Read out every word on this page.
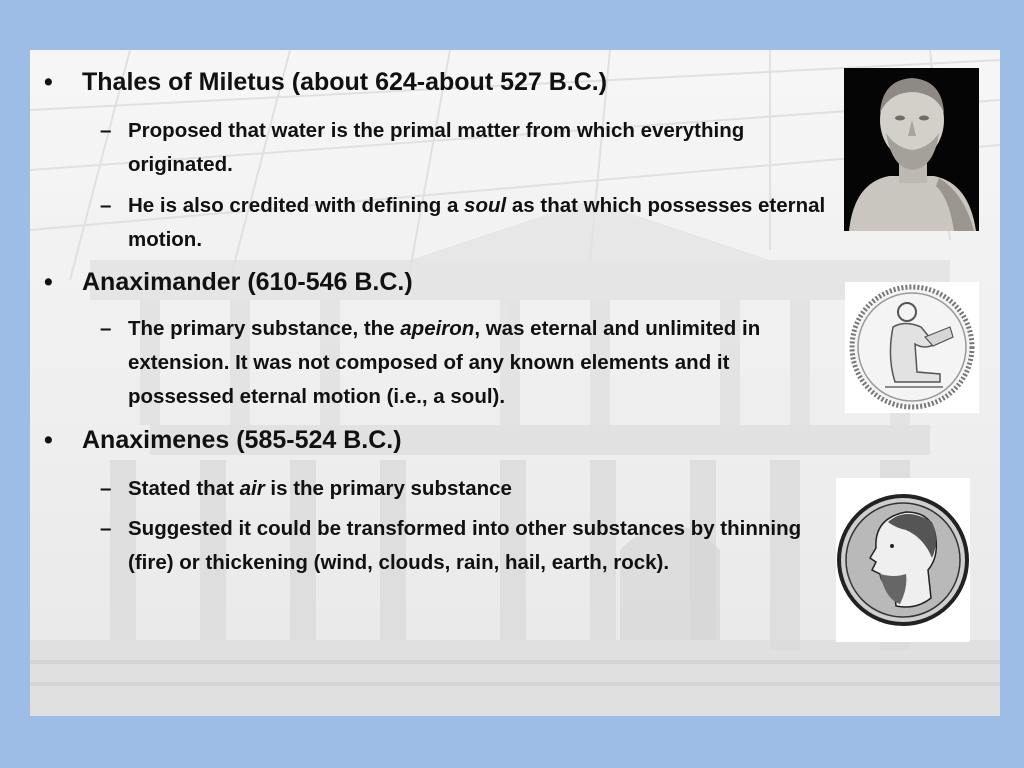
• Thales of Miletus (about 624-about 527 B.C.)
– Proposed that water is the primal matter from which everything originated.
– He is also credited with defining a soul as that which possesses eternal motion.
• Anaximander (610-546 B.C.)
– The primary substance, the apeiron, was eternal and unlimited in extension. It was not composed of any known elements and it possessed eternal motion (i.e., a soul).
• Anaximenes (585-524 B.C.)
– Stated that air is the primary substance
– Suggested it could be transformed into other substances by thinning (fire) or thickening (wind, clouds, rain, hail, earth, rock).
